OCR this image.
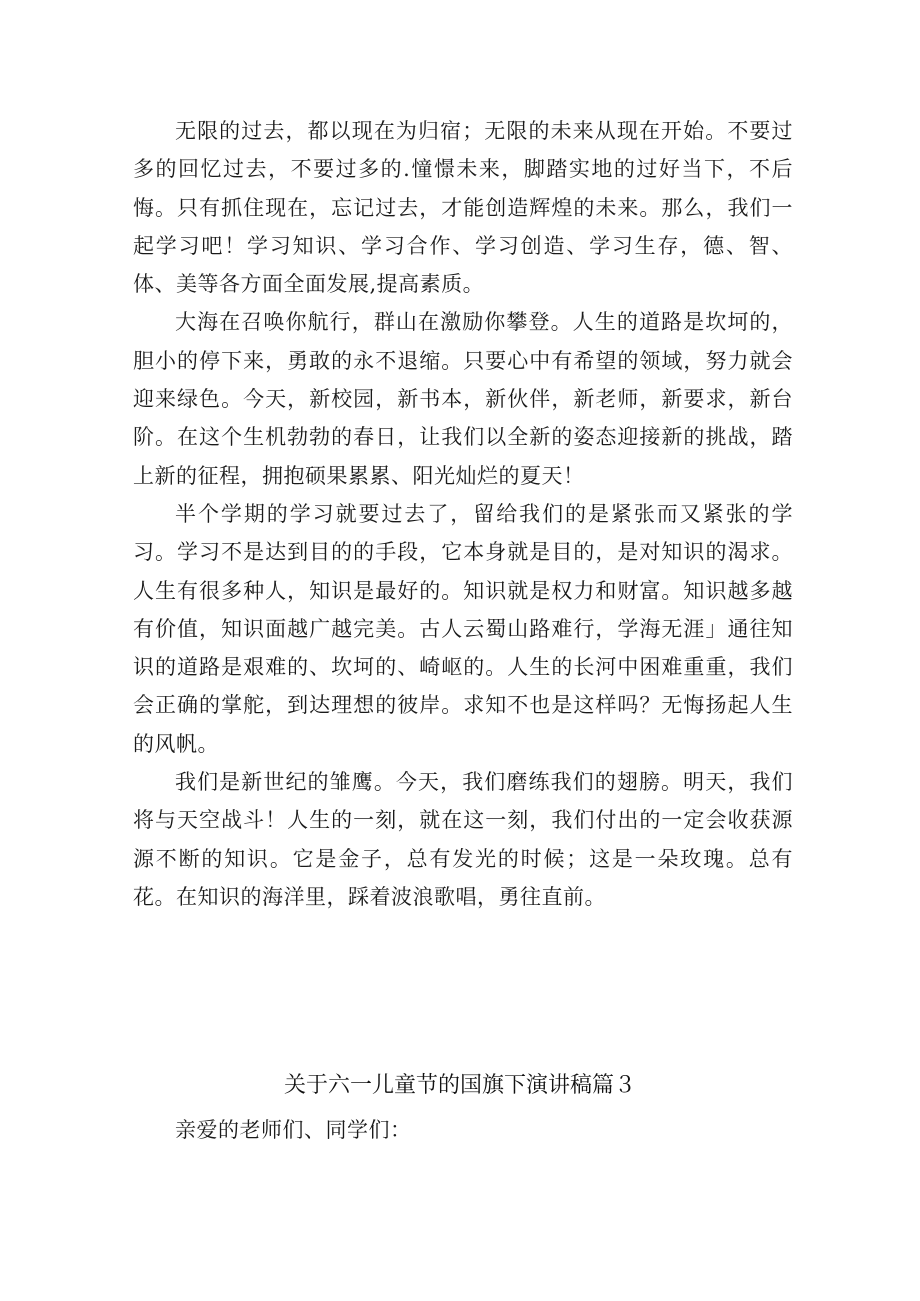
无限的过去，都以现在为归宿；无限的未来从现在开始。不要过多的回忆过去，不要过多的.憧憬未来，脚踏实地的过好当下，不后悔。只有抓住现在，忘记过去，才能创造辉煌的未来。那么，我们一起学习吧！学习知识、学习合作、学习创造、学习生存，德、智、体、美等各方面全面发展,提高素质。

大海在召唤你航行，群山在激励你攀登。人生的道路是坎坷的，胆小的停下来，勇敢的永不退缩。只要心中有希望的领域，努力就会迎来绿色。今天，新校园，新书本，新伙伴，新老师，新要求，新台阶。在这个生机勃勃的春日，让我们以全新的姿态迎接新的挑战，踏上新的征程，拥抱硕果累累、阳光灿烂的夏天！

半个学期的学习就要过去了，留给我们的是紧张而又紧张的学习。学习不是达到目的的手段，它本身就是目的，是对知识的渴求。人生有很多种人，知识是最好的。知识就是权力和财富。知识越多越有价值，知识面越广越完美。古人云蜀山路难行，学海无涯」通往知识的道路是艰难的、坎坷的、崎岖的。人生的长河中困难重重，我们会正确的掌舵，到达理想的彼岸。求知不也是这样吗？无悔扬起人生的风帆。

我们是新世纪的雏鹰。今天，我们磨练我们的翅膀。明天，我们将与天空战斗！人生的一刻，就在这一刻，我们付出的一定会收获源源不断的知识。它是金子，总有发光的时候；这是一朵玫瑰。总有花。在知识的海洋里，踩着波浪歌唱，勇往直前。

关于六一儿童节的国旗下演讲稿篇３

亲爱的老师们、同学们：
